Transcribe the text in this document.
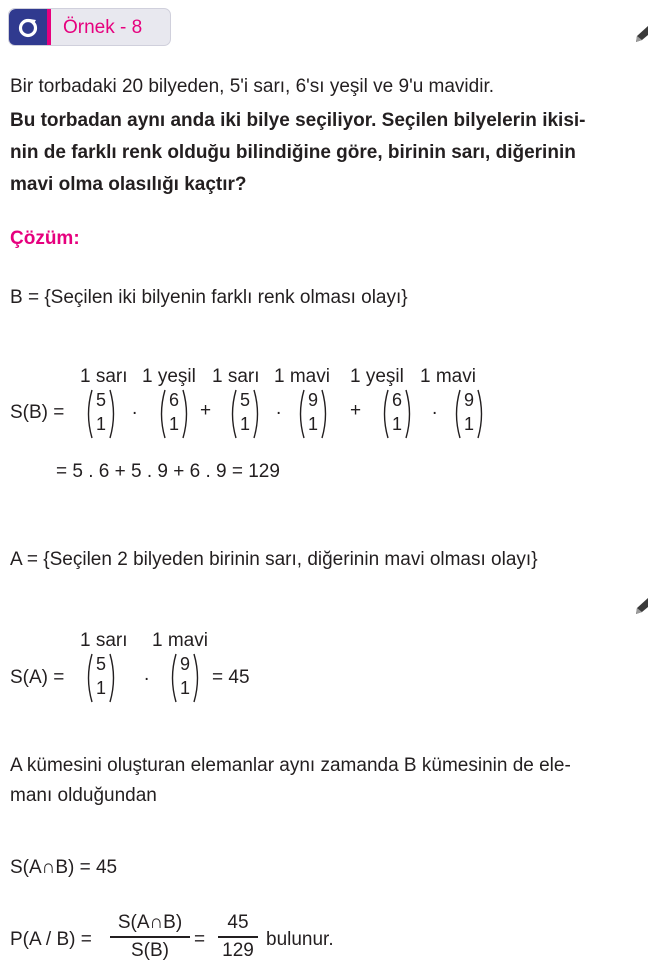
Örnek - 8
Bir torbadaki 20 bilyeden, 5'i sarı, 6'sı yeşil ve 9'u mavidir.
Bu torbadan aynı anda iki bilye seçiliyor. Seçilen bilyelerin ikisi-
nin de farklı renk olduğu bilindiğine göre, birinin sarı, diğerinin
mavi olma olasılığı kaçtır?
Çözüm:
B = {Seçilen iki bilyenin farklı renk olması olayı}
1 sarı 1 yeşil 1 sarı 1 mavi 1 yeşil 1 mavi
S(B) =
5
1
.	6
1
+	5
1
.	9
1
+	6
1
.	9
1
= 5 . 6 + 5 . 9 + 6 . 9 = 129
A = {Seçilen 2 bilyeden birinin sarı, diğerinin mavi olması olayı}
1 sarı 1 mavi
S(A) =
5
1
.	9
1	= 45
A kümesini oluşturan elemanlar aynı zamanda B kümesinin de ele-
manı olduğundan
S(A∩B) = 45
P(A / B) =
S(A∩B)
S(B)
=
45
129
bulunur.
